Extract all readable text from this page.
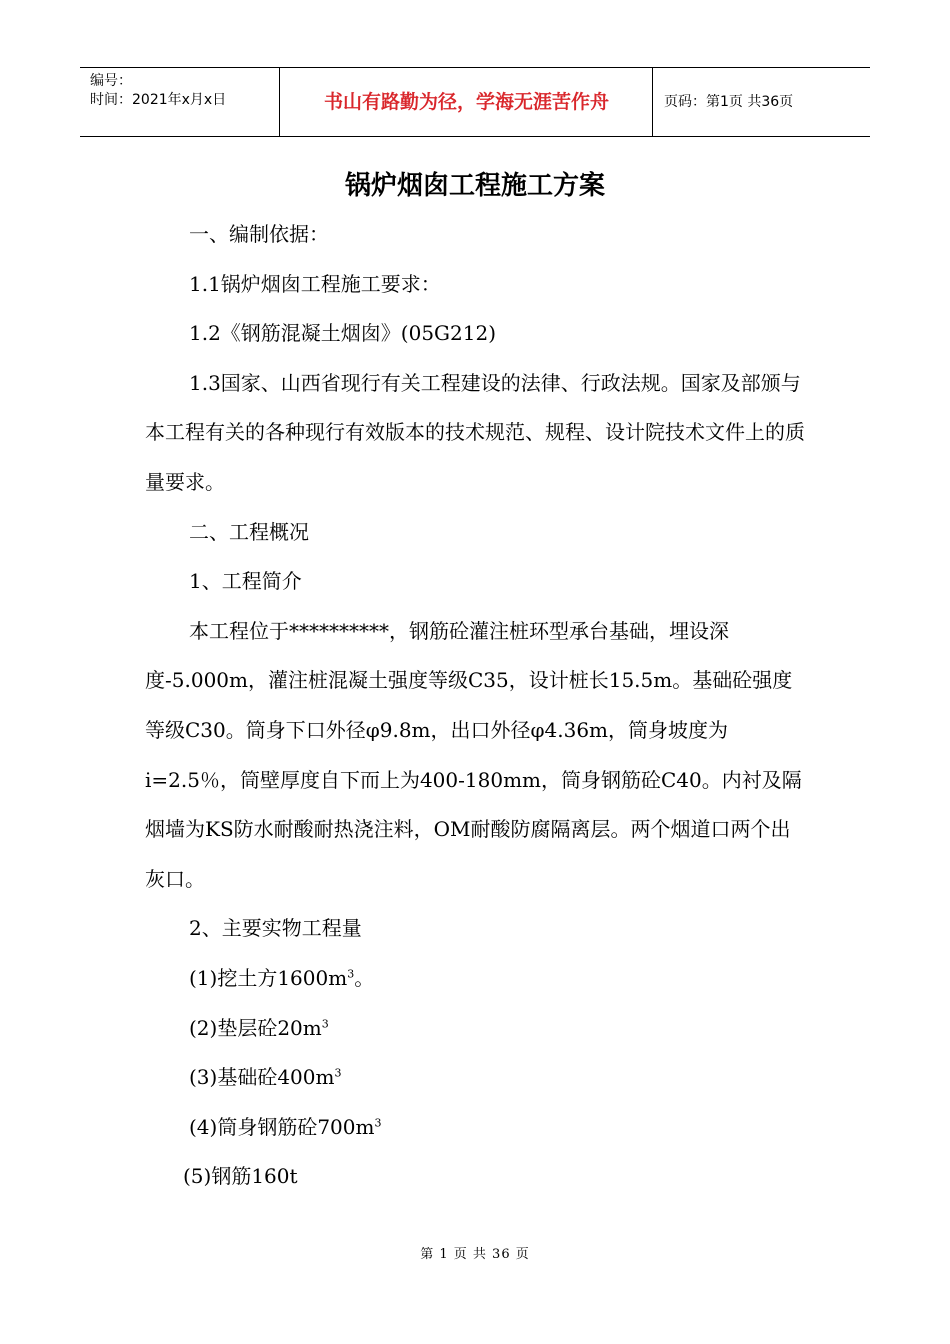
编号：
时间：2021年x月x日	书山有路勤为径，学海无涯苦作舟	页码：第1页 共36页
锅炉烟囱工程施工方案

一、编制依据：

1.1锅炉烟囱工程施工要求：

1.2《钢筋混凝土烟囱》(05G212)

1.3国家、山西省现行有关工程建设的法律、行政法规。国家及部颁与本工程有关的各种现行有效版本的技术规范、规程、设计院技术文件上的质量要求。

二、工程概况

1、工程简介

本工程位于**********，钢筋砼灌注桩环型承台基础，埋设深度-5.000m，灌注桩混凝土强度等级C35，设计桩长15.5m。基础砼强度等级C30。筒身下口外径φ9.8m，出口外径φ4.36m，筒身坡度为i=2.5％，筒壁厚度自下而上为400-180mm，筒身钢筋砼C40。内衬及隔烟墙为KS防水耐酸耐热浇注料，OM耐酸防腐隔离层。两个烟道口两个出灰口。

2、主要实物工程量

(1)挖土方$1600m^3$。

(2)垫层砼$20m^3$

(3)基础砼$400m^3$

(4)筒身钢筋砼$700m^3$

(5)钢筋160t

第 1 页 共 36 页
